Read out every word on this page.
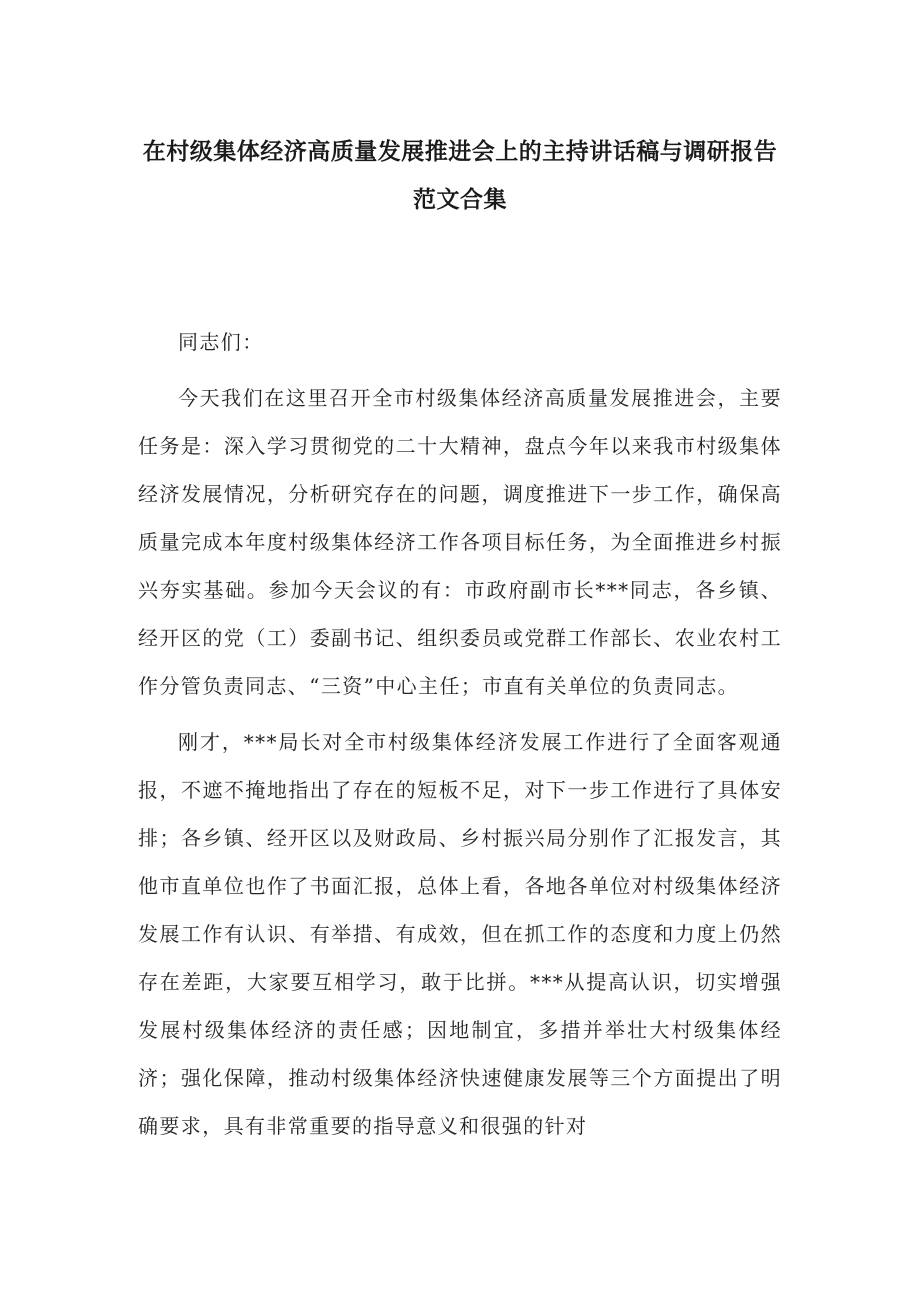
在村级集体经济高质量发展推进会上的主持讲话稿与调研报告范文合集

同志们：

今天我们在这里召开全市村级集体经济高质量发展推进会，主要任务是：深入学习贯彻党的二十大精神，盘点今年以来我市村级集体经济发展情况，分析研究存在的问题，调度推进下一步工作，确保高质量完成本年度村级集体经济工作各项目标任务，为全面推进乡村振兴夯实基础。参加今天会议的有：市政府副市长***同志，各乡镇、经开区的党（工）委副书记、组织委员或党群工作部长、农业农村工作分管负责同志、“三资”中心主任；市直有关单位的负责同志。

刚才，***局长对全市村级集体经济发展工作进行了全面客观通报，不遮不掩地指出了存在的短板不足，对下一步工作进行了具体安排；各乡镇、经开区以及财政局、乡村振兴局分别作了汇报发言，其他市直单位也作了书面汇报，总体上看，各地各单位对村级集体经济发展工作有认识、有举措、有成效，但在抓工作的态度和力度上仍然存在差距，大家要互相学习，敢于比拼。***从提高认识，切实增强发展村级集体经济的责任感；因地制宜，多措并举壮大村级集体经济；强化保障，推动村级集体经济快速健康发展等三个方面提出了明确要求，具有非常重要的指导意义和很强的针对
